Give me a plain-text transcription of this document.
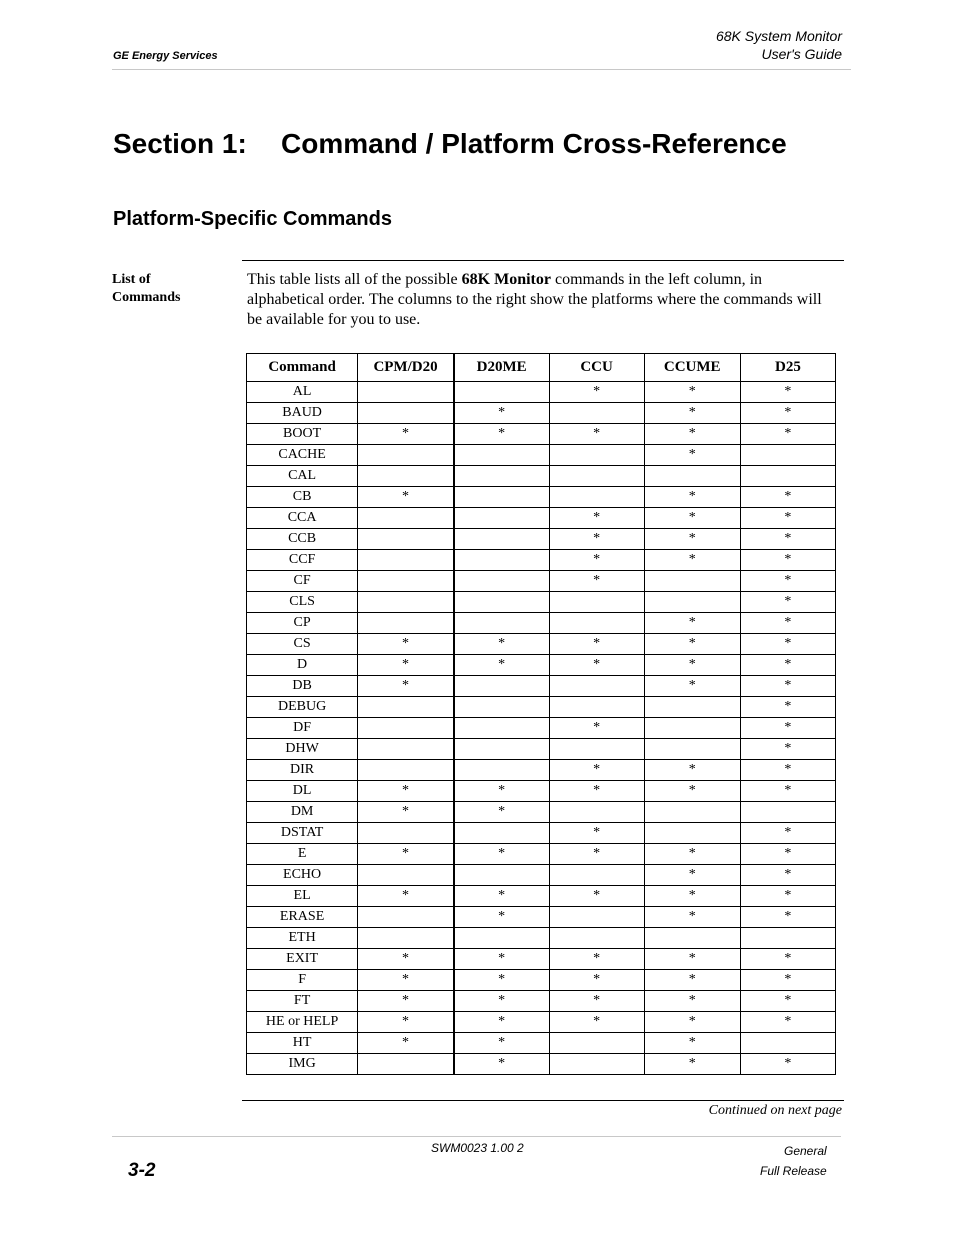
GE Energy Services
68K System Monitor
User's Guide
Section 1: Command / Platform Cross-Reference
Platform-Specific Commands
List of
Commands

This table lists all of the possible 68K Monitor commands in the left column, in alphabetical order. The columns to the right show the platforms where the commands will be available for you to use.

Command	CPM/D20	D20ME	CCU	CCUME	D25
AL			*	*	*
BAUD		*		*	*
BOOT	*	*	*	*	*
CACHE				*	
CAL					
CB	*			*	*
CCA			*	*	*
CCB			*	*	*
CCF			*	*	*
CF			*		*
CLS					*
CP				*	*
CS	*	*	*	*	*
D	*	*	*	*	*
DB	*			*	*
DEBUG					*
DF			*		*
DHW					*
DIR			*	*	*
DL	*	*	*	*	*
DM	*	*			
DSTAT			*		*
E	*	*	*	*	*
ECHO				*	*
EL	*	*	*	*	*
ERASE		*		*	*
ETH					
EXIT	*	*	*	*	*
F	*	*	*	*	*
FT	*	*	*	*	*
HE or HELP	*	*	*	*	*
HT	*	*		*	
IMG		*		*	*
Continued on next page
3-2
SWM0023 1.00 2	General
Full Release
